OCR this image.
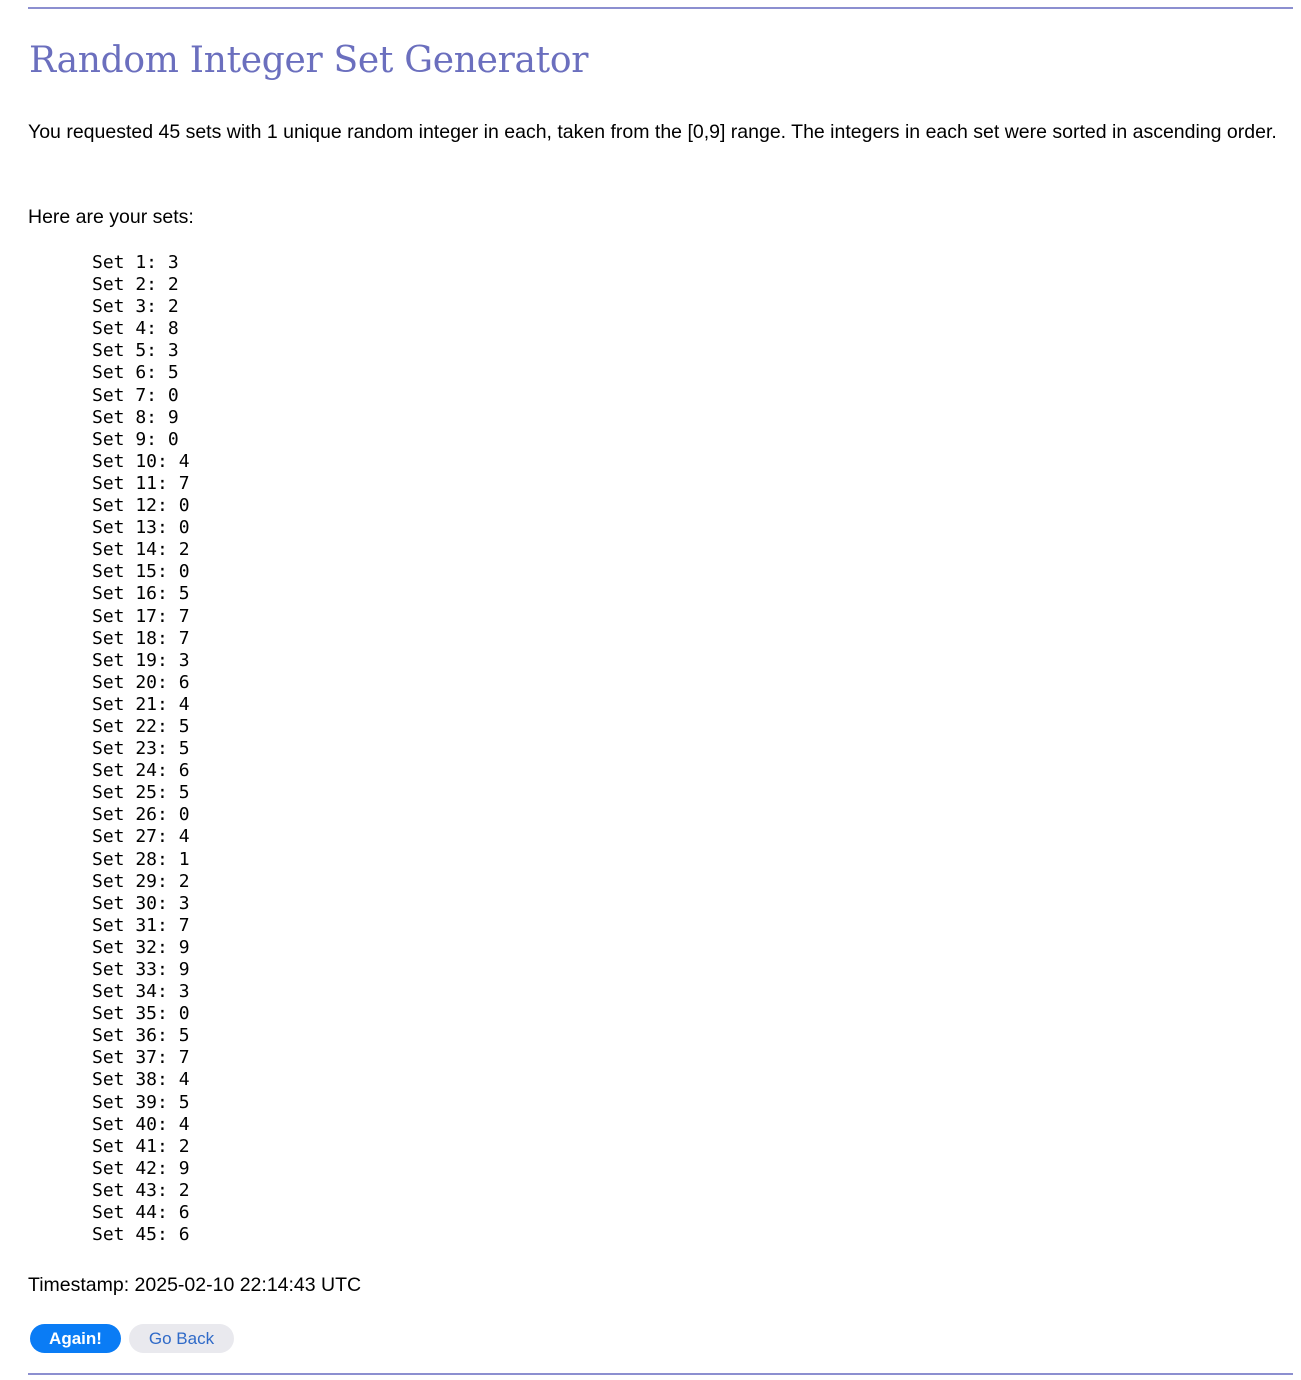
Random Integer Set Generator

You requested 45 sets with 1 unique random integer in each, taken from the [0,9] range. The integers in each set were sorted in ascending order.

Here are your sets:

Set 1: 3
Set 2: 2
Set 3: 2
Set 4: 8
Set 5: 3
Set 6: 5
Set 7: 0
Set 8: 9
Set 9: 0
Set 10: 4
Set 11: 7
Set 12: 0
Set 13: 0
Set 14: 2
Set 15: 0
Set 16: 5
Set 17: 7
Set 18: 7
Set 19: 3
Set 20: 6
Set 21: 4
Set 22: 5
Set 23: 5
Set 24: 6
Set 25: 5
Set 26: 0
Set 27: 4
Set 28: 1
Set 29: 2
Set 30: 3
Set 31: 7
Set 32: 9
Set 33: 9
Set 34: 3
Set 35: 0
Set 36: 5
Set 37: 7
Set 38: 4
Set 39: 5
Set 40: 4
Set 41: 2
Set 42: 9
Set 43: 2
Set 44: 6
Set 45: 6

Timestamp: 2025-02-10 22:14:43 UTC

Again!	Go Back
